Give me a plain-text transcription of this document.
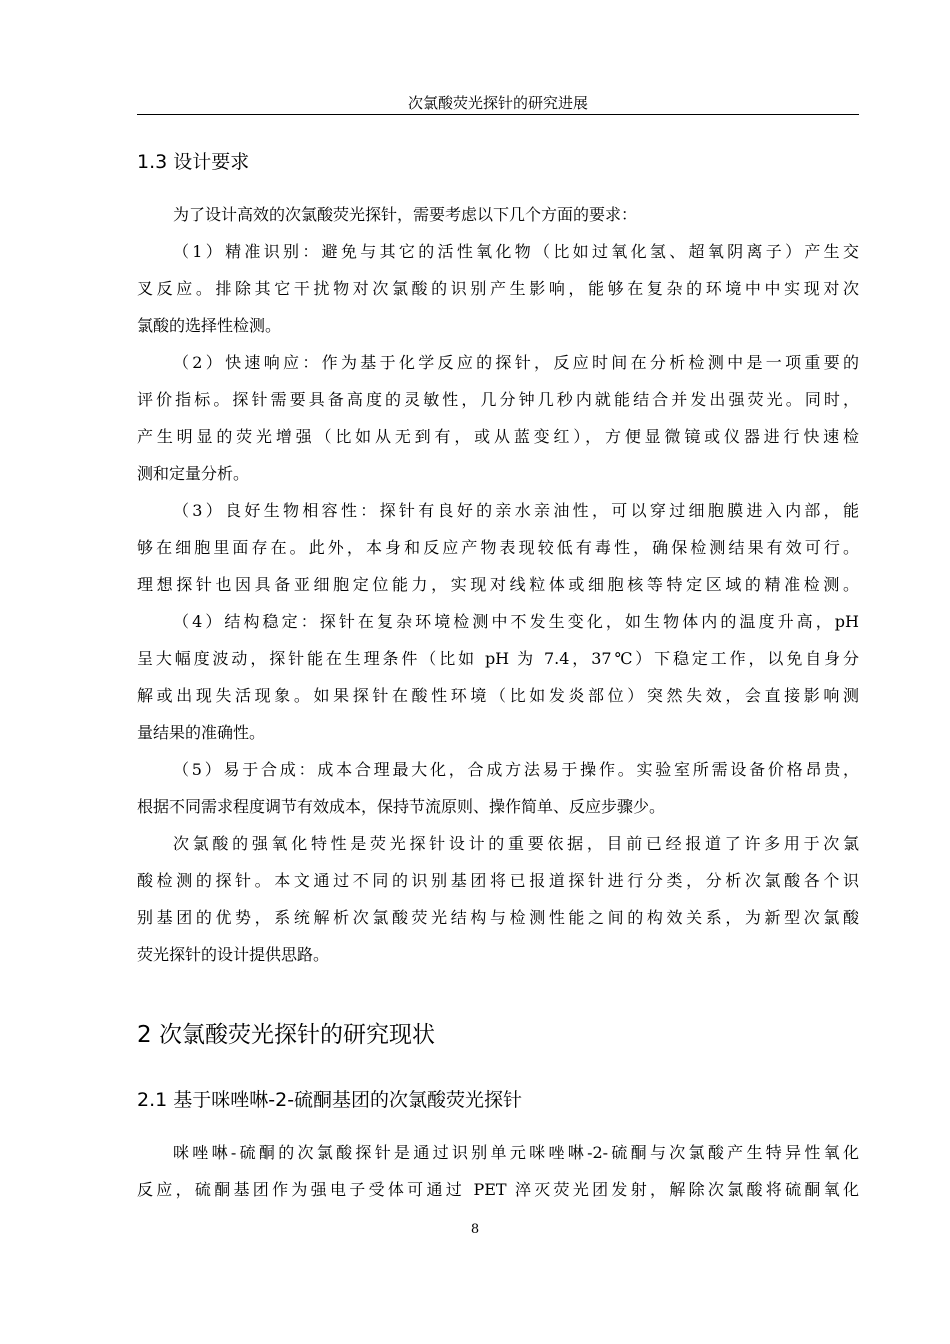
次氯酸荧光探针的研究进展
1.3 设计要求
为了设计高效的次氯酸荧光探针，需要考虑以下几个方面的要求：
（1）精准识别：避免与其它的活性氧化物（比如过氧化氢、超氧阴离子）产生交
叉反应。排除其它干扰物对次氯酸的识别产生影响，能够在复杂的环境中中实现对次
氯酸的选择性检测。
（2）快速响应：作为基于化学反应的探针，反应时间在分析检测中是一项重要的
评价指标。探针需要具备高度的灵敏性，几分钟几秒内就能结合并发出强荧光。同时，
产生明显的荧光增强（比如从无到有，或从蓝变红），方便显微镜或仪器进行快速检
测和定量分析。
（3）良好生物相容性：探针有良好的亲水亲油性，可以穿过细胞膜进入内部，能
够在细胞里面存在。此外，本身和反应产物表现较低有毒性，确保检测结果有效可行。
理想探针也因具备亚细胞定位能力，实现对线粒体或细胞核等特定区域的精准检测。
（4）结构稳定：探针在复杂环境检测中不发生变化，如生物体内的温度升高，pH
呈大幅度波动，探针能在生理条件（比如 pH 为 7.4，37℃）下稳定工作，以免自身分
解或出现失活现象。如果探针在酸性环境（比如发炎部位）突然失效，会直接影响测
量结果的准确性。
（5）易于合成：成本合理最大化，合成方法易于操作。实验室所需设备价格昂贵，
根据不同需求程度调节有效成本，保持节流原则、操作简单、反应步骤少。
次氯酸的强氧化特性是荧光探针设计的重要依据，目前已经报道了许多用于次氯
酸检测的探针。本文通过不同的识别基团将已报道探针进行分类，分析次氯酸各个识
别基团的优势，系统解析次氯酸荧光结构与检测性能之间的构效关系，为新型次氯酸
荧光探针的设计提供思路。
2 次氯酸荧光探针的研究现状
2.1 基于咪唑啉-2-硫酮基团的次氯酸荧光探针
咪唑啉-硫酮的次氯酸探针是通过识别单元咪唑啉-2-硫酮与次氯酸产生特异性氧化
反应，硫酮基团作为强电子受体可通过 PET 淬灭荧光团发射，解除次氯酸将硫酮氧化
8
